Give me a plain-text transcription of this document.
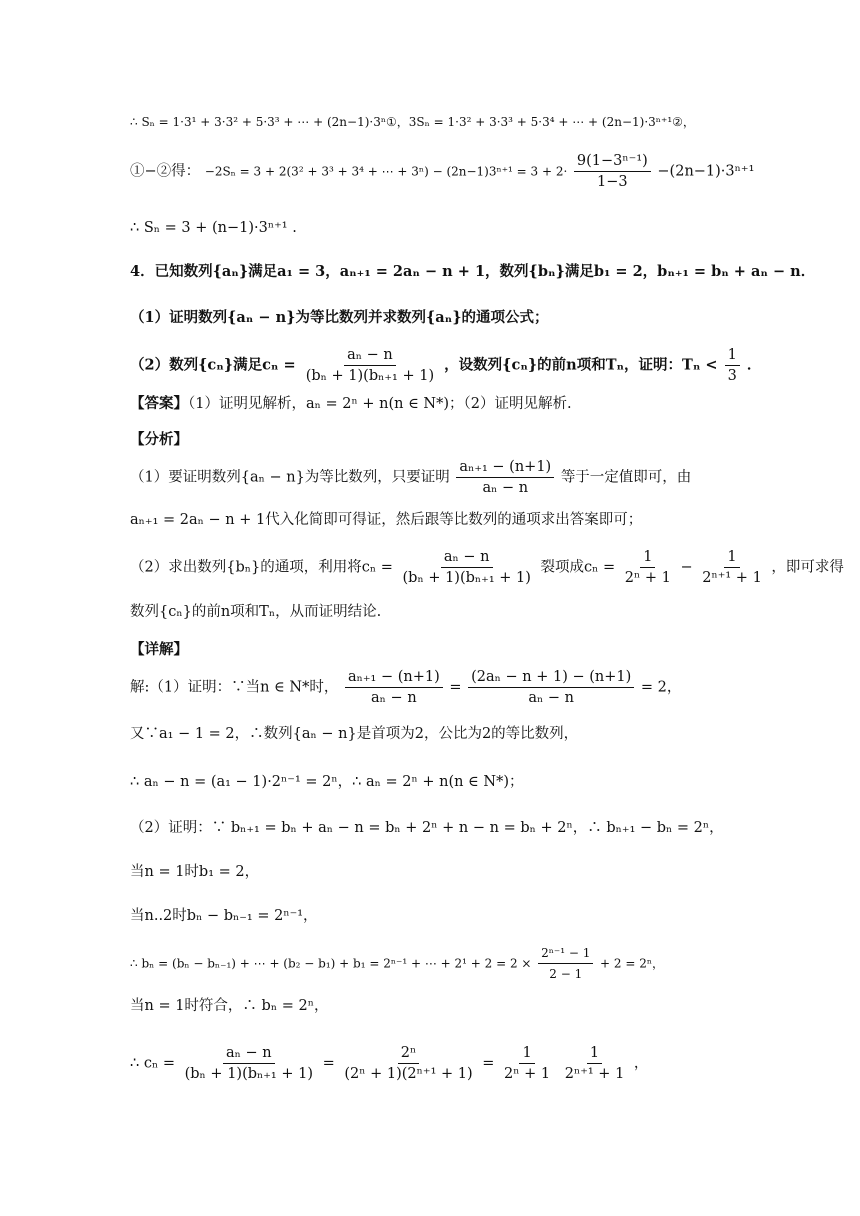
∴ Sₙ = 1·3¹ + 3·3² + 5·3³ + ⋯ + (2n−1)·3ⁿ①，3Sₙ = 1·3² + 3·3³ + 5·3⁴ + ⋯ + (2n−1)·3ⁿ⁺¹②，
①−②得： −2Sₙ = 3 + 2(3² + 3³ + 3⁴ + ⋯ + $3^n) - (2n-1)3^{n+1} = 3 + 2\cdot \frac{\text{9(1−3ⁿ⁻¹)}}{1-3} -(2n-1)\cdot 3^{n+1}$
∴ Sₙ = 3 + (n−1)·3ⁿ⁺¹ .
4．已知数列{aₙ}满足a₁ = 3，aₙ₊₁ = 2aₙ − n + 1，数列{bₙ}满足b₁ = 2，bₙ₊₁ = bₙ + aₙ − n．
（1）证明数列{aₙ − n}为等比数列并求数列{aₙ}的通项公式；
（2）数列{cₙ}满足$c_n = \frac{\text{aₙ − n}}{\text{(bₙ + 1)(bₙ₊₁ + 1)}}$ ，设数列{cₙ}的前n项和Tₙ，证明：$T_n < \frac{1}{3}$ ．
【答案】（1）证明见解析，aₙ = 2ⁿ + n(n ∈ N*)；（2）证明见解析.
【分析】
（1）要证明数列{aₙ − n}为等比数列，只要证明 $\frac{\text{aₙ₊₁ − (n+1)}}{\text{aₙ − n}}$ 等于一定值即可，由
aₙ₊₁ = 2aₙ − n + 1代入化简即可得证，然后跟等比数列的通项求出答案即可；
（2）求出数列{bₙ}的通项，利用将$c_n = \frac{\text{aₙ − n}}{\text{(bₙ + 1)(bₙ₊₁ + 1)}}$ 裂项成$c_n = \frac{1}{\text{2ⁿ + 1}} - \frac{1}{\text{2ⁿ⁺¹ + 1}}$ ，即可求得
数列{cₙ}的前n项和Tₙ，从而证明结论.
【详解】
解:（1）证明：∵当n ∈ N*时， $\frac{\text{aₙ₊₁ − (n+1)}}{\text{aₙ − n}} = \frac{\text{(2aₙ − n + 1) − (n+1)}}{\text{aₙ − n}} = 2$，
又∵a₁ − 1 = 2，∴数列{aₙ − n}是首项为2，公比为2的等比数列，
∴ aₙ − n = (a₁ − 1)·2ⁿ⁻¹ = 2ⁿ，∴ aₙ = 2ⁿ + n(n ∈ N*)；
（2）证明：∵ bₙ₊₁ = bₙ + aₙ − n = bₙ + 2ⁿ + n − n = bₙ + 2ⁿ，∴ bₙ₊₁ − bₙ = 2ⁿ，
当n = 1时b₁ = 2，
当n..2时bₙ − bₙ₋₁ = 2ⁿ⁻¹，
∴ bₙ = (bₙ − bₙ₋₁) + ⋯ + (b₂ − b₁) + b₁ = 2ⁿ⁻¹ + ⋯ + $2^1 + 2 = 2 \times \frac{\text{2ⁿ⁻¹ − 1}}{2 - 1} + 2 = 2^n$，
当n = 1时符合，∴ bₙ = 2ⁿ，
∴ $c_n = \frac{\text{aₙ − n}}{\text{(bₙ + 1)(bₙ₊₁ + 1)}} = \frac{\text{2ⁿ}}{\text{(2ⁿ + 1)(2ⁿ⁺¹ + 1)}} = \frac{1}{\text{2ⁿ + 1}}$
$\frac{1}{\text{2ⁿ⁺¹ + 1}}$ ，
